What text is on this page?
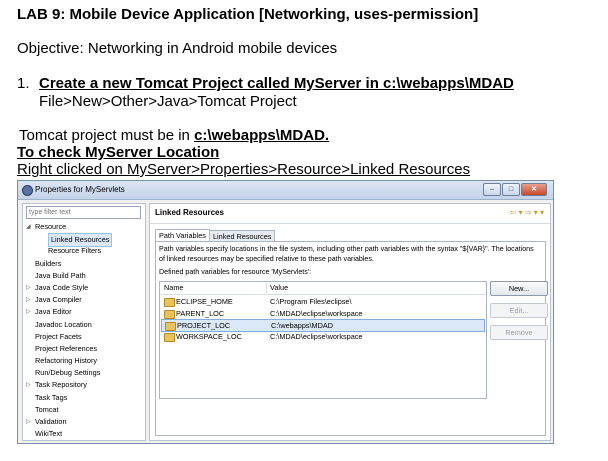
LAB 9: Mobile Device Application [Networking, uses-permission]
Objective: Networking in Android mobile devices
1. Create a new Tomcat Project called MyServer in c:\webapps\MDAD
File>New>Other>Java>Tomcat Project
Tomcat project must be in c:\webapps\MDAD.
To check MyServer Location
Right clicked on MyServer>Properties>Resource>Linked Resources
Properties for MyServlets	–	□	✕
type filter text
◢ Resource
Linked Resources
Resource Filters
Builders
Java Build Path
▷ Java Code Style
▷ Java Compiler
▷ Java Editor
Javadoc Location
Project Facets
Project References
Refactoring History
Run/Debug Settings
▷ Task Repository
Task Tags
Tomcat
▷ Validation
WikiText
Linked Resources	⇦ ▾ ⇨ ▾ ▾
Path Variables Linked Resources
Path variables specify locations in the file system, including other path variables with the syntax "${VAR}". The locations of linked resources may be specified relative to these path variables.
Defined path variables for resource 'MyServlets':
Name	Value
ECLIPSE_HOME	C:\Program Files\eclipse\
PARENT_LOC	C:\MDAD\eclipse\workspace
PROJECT_LOC	C:\webapps\MDAD
WORKSPACE_LOC	C:\MDAD\eclipse\workspace
New...
Edit...
Remove
